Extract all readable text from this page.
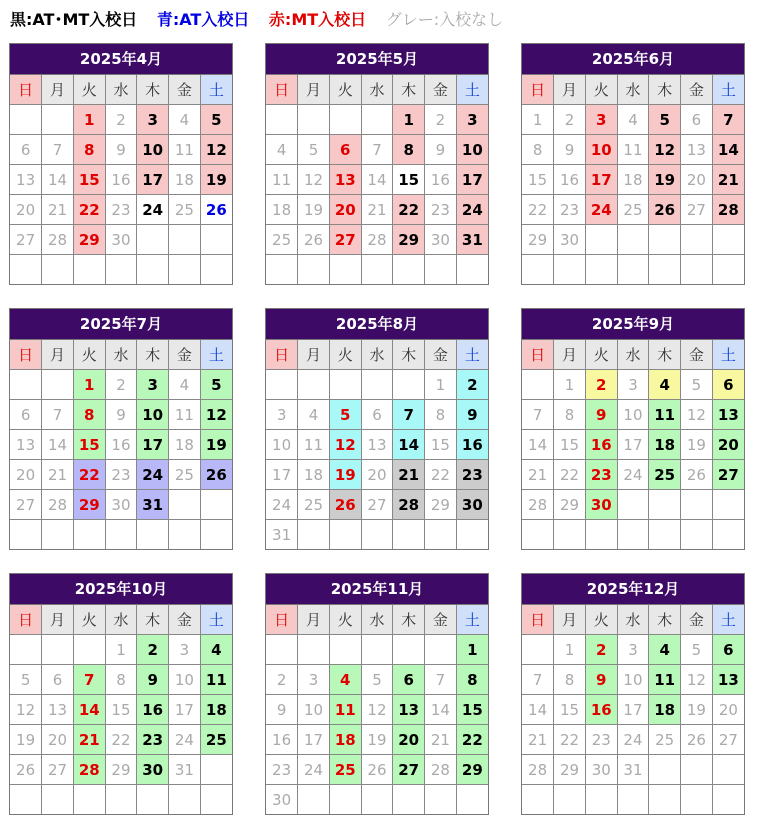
黒:AT･MT入校日 青:AT入校日 赤:MT入校日 グレー:入校なし
2025年4月
日	月	火	水	木	金	土
		1	2	3	4	5
6	7	8	9	10	11	12
13	14	15	16	17	18	19
20	21	22	23	24	25	26
27	28	29	30			

2025年5月
日	月	火	水	木	金	土
				1	2	3
4	5	6	7	8	9	10
11	12	13	14	15	16	17
18	19	20	21	22	23	24
25	26	27	28	29	30	31

2025年6月
日	月	火	水	木	金	土
1	2	3	4	5	6	7
8	9	10	11	12	13	14
15	16	17	18	19	20	21
22	23	24	25	26	27	28
29	30					

2025年7月
日	月	火	水	木	金	土
		1	2	3	4	5
6	7	8	9	10	11	12
13	14	15	16	17	18	19
20	21	22	23	24	25	26
27	28	29	30	31		

2025年8月
日	月	火	水	木	金	土
					1	2
3	4	5	6	7	8	9
10	11	12	13	14	15	16
17	18	19	20	21	22	23
24	25	26	27	28	29	30
31						
2025年9月
日	月	火	水	木	金	土
	1	2	3	4	5	6
7	8	9	10	11	12	13
14	15	16	17	18	19	20
21	22	23	24	25	26	27
28	29	30				

2025年10月
日	月	火	水	木	金	土
			1	2	3	4
5	6	7	8	9	10	11
12	13	14	15	16	17	18
19	20	21	22	23	24	25
26	27	28	29	30	31	

2025年11月
日	月	火	水	木	金	土
						1
2	3	4	5	6	7	8
9	10	11	12	13	14	15
16	17	18	19	20	21	22
23	24	25	26	27	28	29
30						
2025年12月
日	月	火	水	木	金	土
	1	2	3	4	5	6
7	8	9	10	11	12	13
14	15	16	17	18	19	20
21	22	23	24	25	26	27
28	29	30	31			
